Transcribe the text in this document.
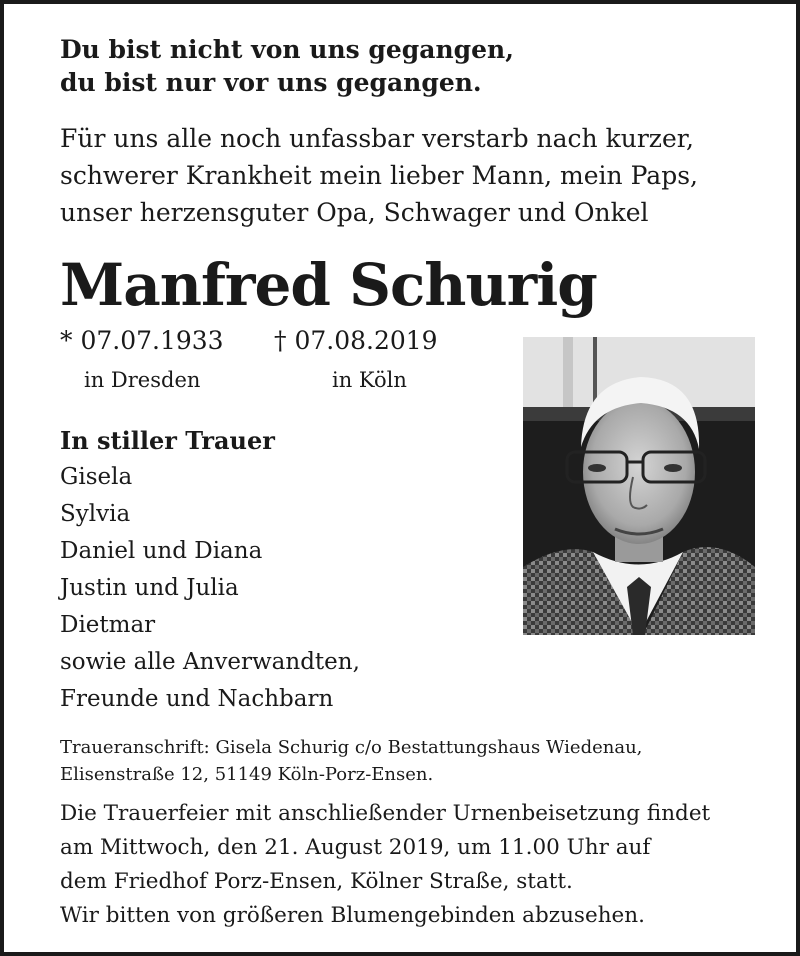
Du bist nicht von uns gegangen,
du bist nur vor uns gegangen.
Für uns alle noch unfassbar verstarb nach kurzer,
schwerer Krankheit mein lieber Mann, mein Paps,
unser herzensguter Opa, Schwager und Onkel
Manfred Schurig
* 07.07.1933
in Dresden
† 07.08.2019
in Köln
In stiller Trauer
Gisela
Sylvia
Daniel und Diana
Justin und Julia
Dietmar
sowie alle Anverwandten,
Freunde und Nachbarn
Traueranschrift: Gisela Schurig c/o Bestattungshaus Wiedenau,
Elisenstraße 12, 51149 Köln-Porz-Ensen.
Die Trauerfeier mit anschließender Urnenbeisetzung findet
am Mittwoch, den 21. August 2019, um 11.00 Uhr auf
dem Friedhof Porz-Ensen, Kölner Straße, statt.
Wir bitten von größeren Blumengebinden abzusehen.
